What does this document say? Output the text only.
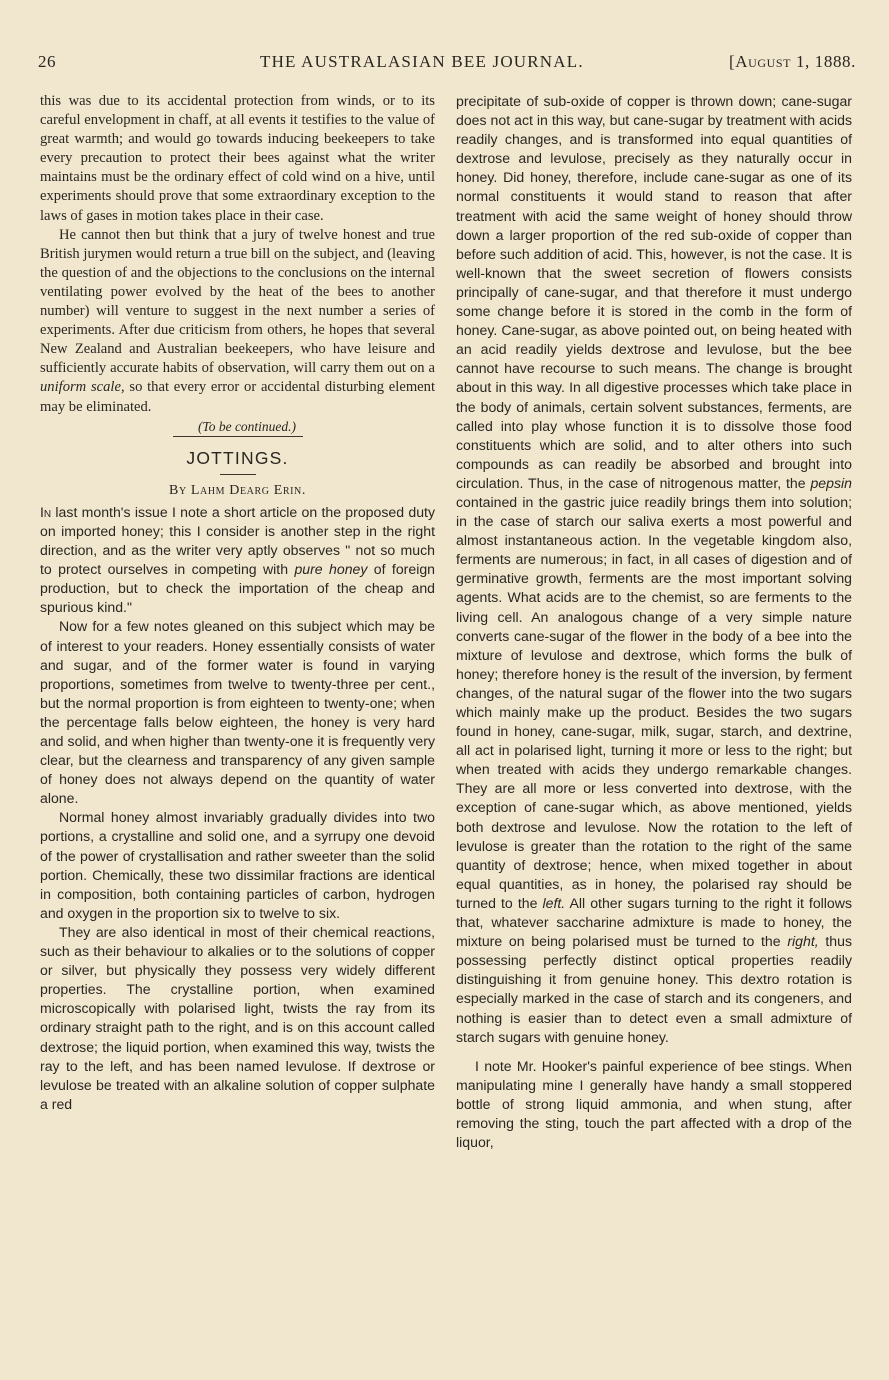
26	THE AUSTRALASIAN BEE JOURNAL.	[August 1, 1888.

this was due to its accidental protection from winds, or to its careful envelopment in chaff, at all events it testifies to the value of great warmth; and would go towards inducing beekeepers to take every precaution to protect their bees against what the writer maintains must be the ordinary effect of cold wind on a hive, until experiments should prove that some extraordinary exception to the laws of gases in motion takes place in their case.

He cannot then but think that a jury of twelve honest and true British jurymen would return a true bill on the subject, and (leaving the question of and the objections to the conclusions on the internal ventilating power evolved by the heat of the bees to another number) will venture to suggest in the next number a series of experiments. After due criticism from others, he hopes that several New Zealand and Australian beekeepers, who have leisure and sufficiently accurate habits of observation, will carry them out on a uniform scale, so that every error or accidental disturbing element may be eliminated.

(To be continued.)

JOTTINGS.
By Lahm Dearg Erin.

In last month's issue I note a short article on the proposed duty on imported honey; this I consider is another step in the right direction, and as the writer very aptly observes " not so much to protect ourselves in competing with pure honey of foreign production, but to check the importation of the cheap and spurious kind."

Now for a few notes gleaned on this subject which may be of interest to your readers. Honey essentially consists of water and sugar, and of the former water is found in varying proportions, sometimes from twelve to twenty-three per cent., but the normal proportion is from eighteen to twenty-one; when the percentage falls below eighteen, the honey is very hard and solid, and when higher than twenty-one it is frequently very clear, but the clearness and transparency of any given sample of honey does not always depend on the quantity of water alone.

Normal honey almost invariably gradually divides into two portions, a crystalline and solid one, and a syrrupy one devoid of the power of crystallisation and rather sweeter than the solid portion. Chemically, these two dissimilar fractions are identical in composition, both containing particles of carbon, hydrogen and oxygen in the proportion six to twelve to six.

They are also identical in most of their chemical reactions, such as their behaviour to alkalies or to the solutions of copper or silver, but physically they possess very widely different properties. The crystalline portion, when examined microscopically with polarised light, twists the ray from its ordinary straight path to the right, and is on this account called dextrose; the liquid portion, when examined this way, twists the ray to the left, and has been named levulose. If dextrose or levulose be treated with an alkaline solution of copper sulphate a red

precipitate of sub-oxide of copper is thrown down; cane-sugar does not act in this way, but cane-sugar by treatment with acids readily changes, and is transformed into equal quantities of dextrose and levulose, precisely as they naturally occur in honey. Did honey, therefore, include cane-sugar as one of its normal constituents it would stand to reason that after treatment with acid the same weight of honey should throw down a larger proportion of the red sub-oxide of copper than before such addition of acid. This, however, is not the case. It is well-known that the sweet secretion of flowers consists principally of cane-sugar, and that therefore it must undergo some change before it is stored in the comb in the form of honey. Cane-sugar, as above pointed out, on being heated with an acid readily yields dextrose and levulose, but the bee cannot have recourse to such means. The change is brought about in this way. In all digestive processes which take place in the body of animals, certain solvent substances, ferments, are called into play whose function it is to dissolve those food constituents which are solid, and to alter others into such compounds as can readily be absorbed and brought into circulation. Thus, in the case of nitrogenous matter, the pepsin contained in the gastric juice readily brings them into solution; in the case of starch our saliva exerts a most powerful and almost instantaneous action. In the vegetable kingdom also, ferments are numerous; in fact, in all cases of digestion and of germinative growth, ferments are the most important solving agents. What acids are to the chemist, so are ferments to the living cell. An analogous change of a very simple nature converts cane-sugar of the flower in the body of a bee into the mixture of levulose and dextrose, which forms the bulk of honey; therefore honey is the result of the inversion, by ferment changes, of the natural sugar of the flower into the two sugars which mainly make up the product. Besides the two sugars found in honey, cane-sugar, milk, sugar, starch, and dextrine, all act in polarised light, turning it more or less to the right; but when treated with acids they undergo remarkable changes. They are all more or less converted into dextrose, with the exception of cane-sugar which, as above mentioned, yields both dextrose and levulose. Now the rotation to the left of levulose is greater than the rotation to the right of the same quantity of dextrose; hence, when mixed together in about equal quantities, as in honey, the polarised ray should be turned to the left. All other sugars turning to the right it follows that, whatever saccharine admixture is made to honey, the mixture on being polarised must be turned to the right, thus possessing perfectly distinct optical properties readily distinguishing it from genuine honey. This dextro rotation is especially marked in the case of starch and its congeners, and nothing is easier than to detect even a small admixture of starch sugars with genuine honey.

I note Mr. Hooker's painful experience of bee stings. When manipulating mine I generally have handy a small stoppered bottle of strong liquid ammonia, and when stung, after removing the sting, touch the part affected with a drop of the liquor,
